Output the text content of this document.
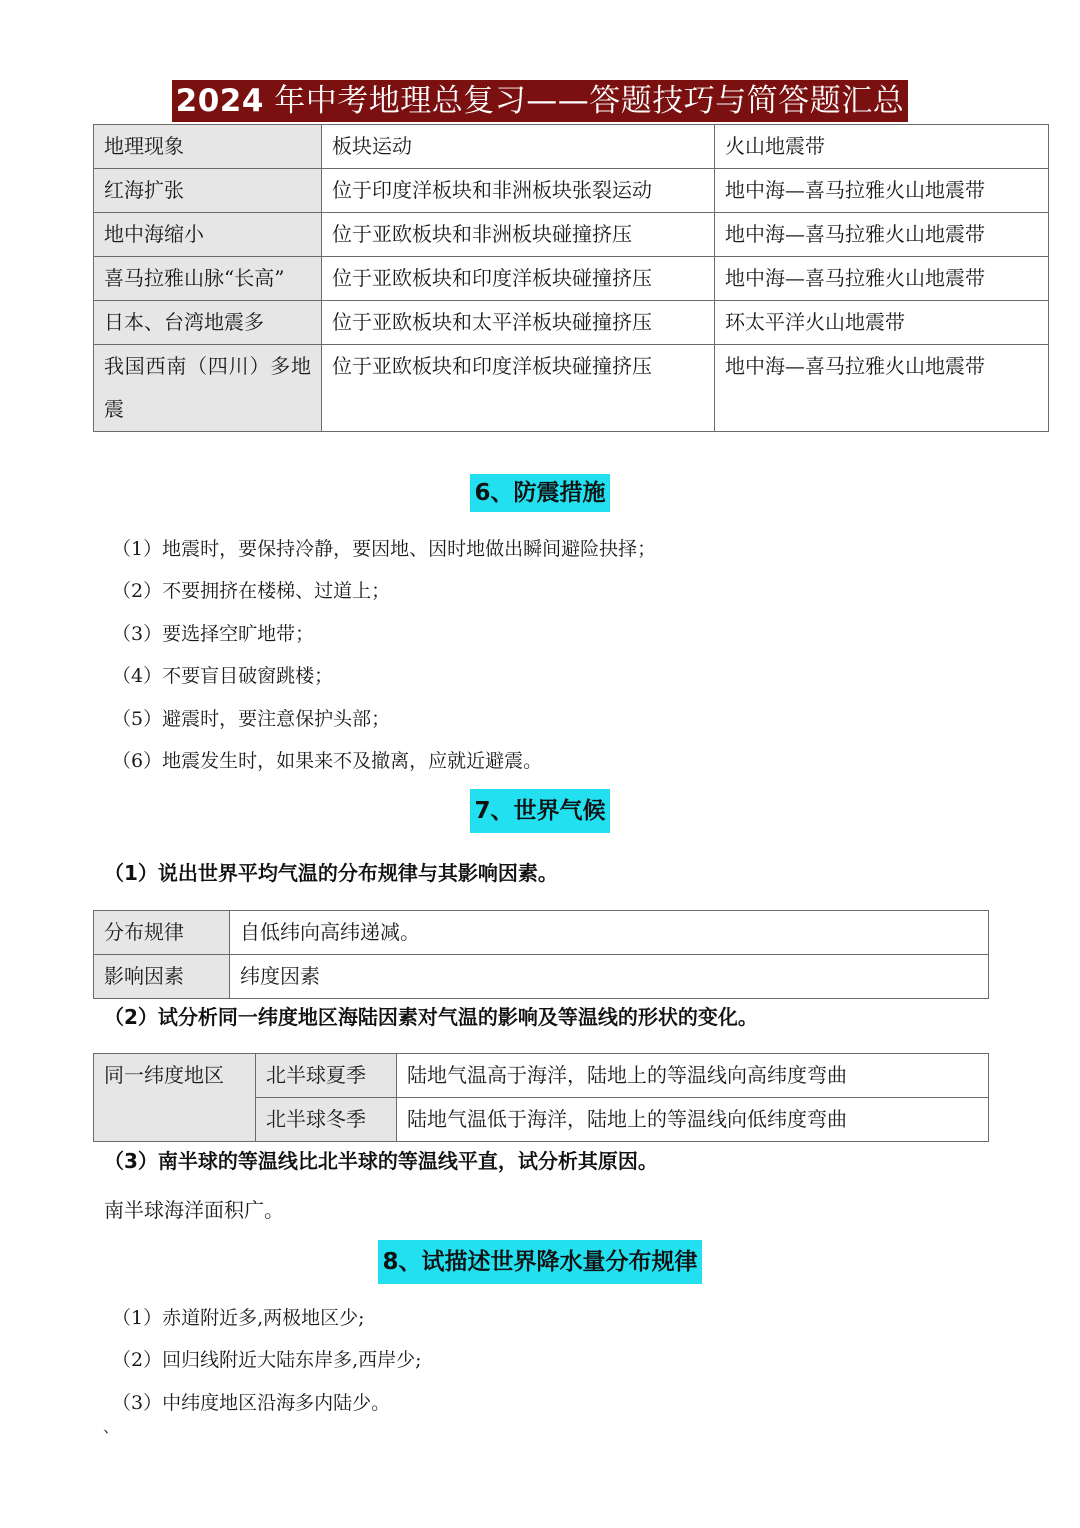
2024 年中考地理总复习——答题技巧与简答题汇总
地理现象	板块运动	火山地震带
红海扩张	位于印度洋板块和非洲板块张裂运动	地中海—喜马拉雅火山地震带
地中海缩小	位于亚欧板块和非洲板块碰撞挤压	地中海—喜马拉雅火山地震带
喜马拉雅山脉“长高”	位于亚欧板块和印度洋板块碰撞挤压	地中海—喜马拉雅火山地震带
日本、台湾地震多	位于亚欧板块和太平洋板块碰撞挤压	环太平洋火山地震带
我国西南（四川）多地震	位于亚欧板块和印度洋板块碰撞挤压	地中海—喜马拉雅火山地震带
6、防震措施
（1）地震时，要保持冷静，要因地、因时地做出瞬间避险抉择；
（2）不要拥挤在楼梯、过道上；
（3）要选择空旷地带；
（4）不要盲目破窗跳楼；
（5）避震时，要注意保护头部；
（6）地震发生时，如果来不及撤离，应就近避震。
7、世界气候
（1）说出世界平均气温的分布规律与其影响因素。
分布规律	自低纬向高纬递减。
影响因素	纬度因素
（2）试分析同一纬度地区海陆因素对气温的影响及等温线的形状的变化。
同一纬度地区	北半球夏季	陆地气温高于海洋，陆地上的等温线向高纬度弯曲
	北半球冬季	陆地气温低于海洋，陆地上的等温线向低纬度弯曲
（3）南半球的等温线比北半球的等温线平直，试分析其原因。
南半球海洋面积广。
8、试描述世界降水量分布规律
（1）赤道附近多,两极地区少;
（2）回归线附近大陆东岸多,西岸少;
（3）中纬度地区沿海多内陆少。
、
